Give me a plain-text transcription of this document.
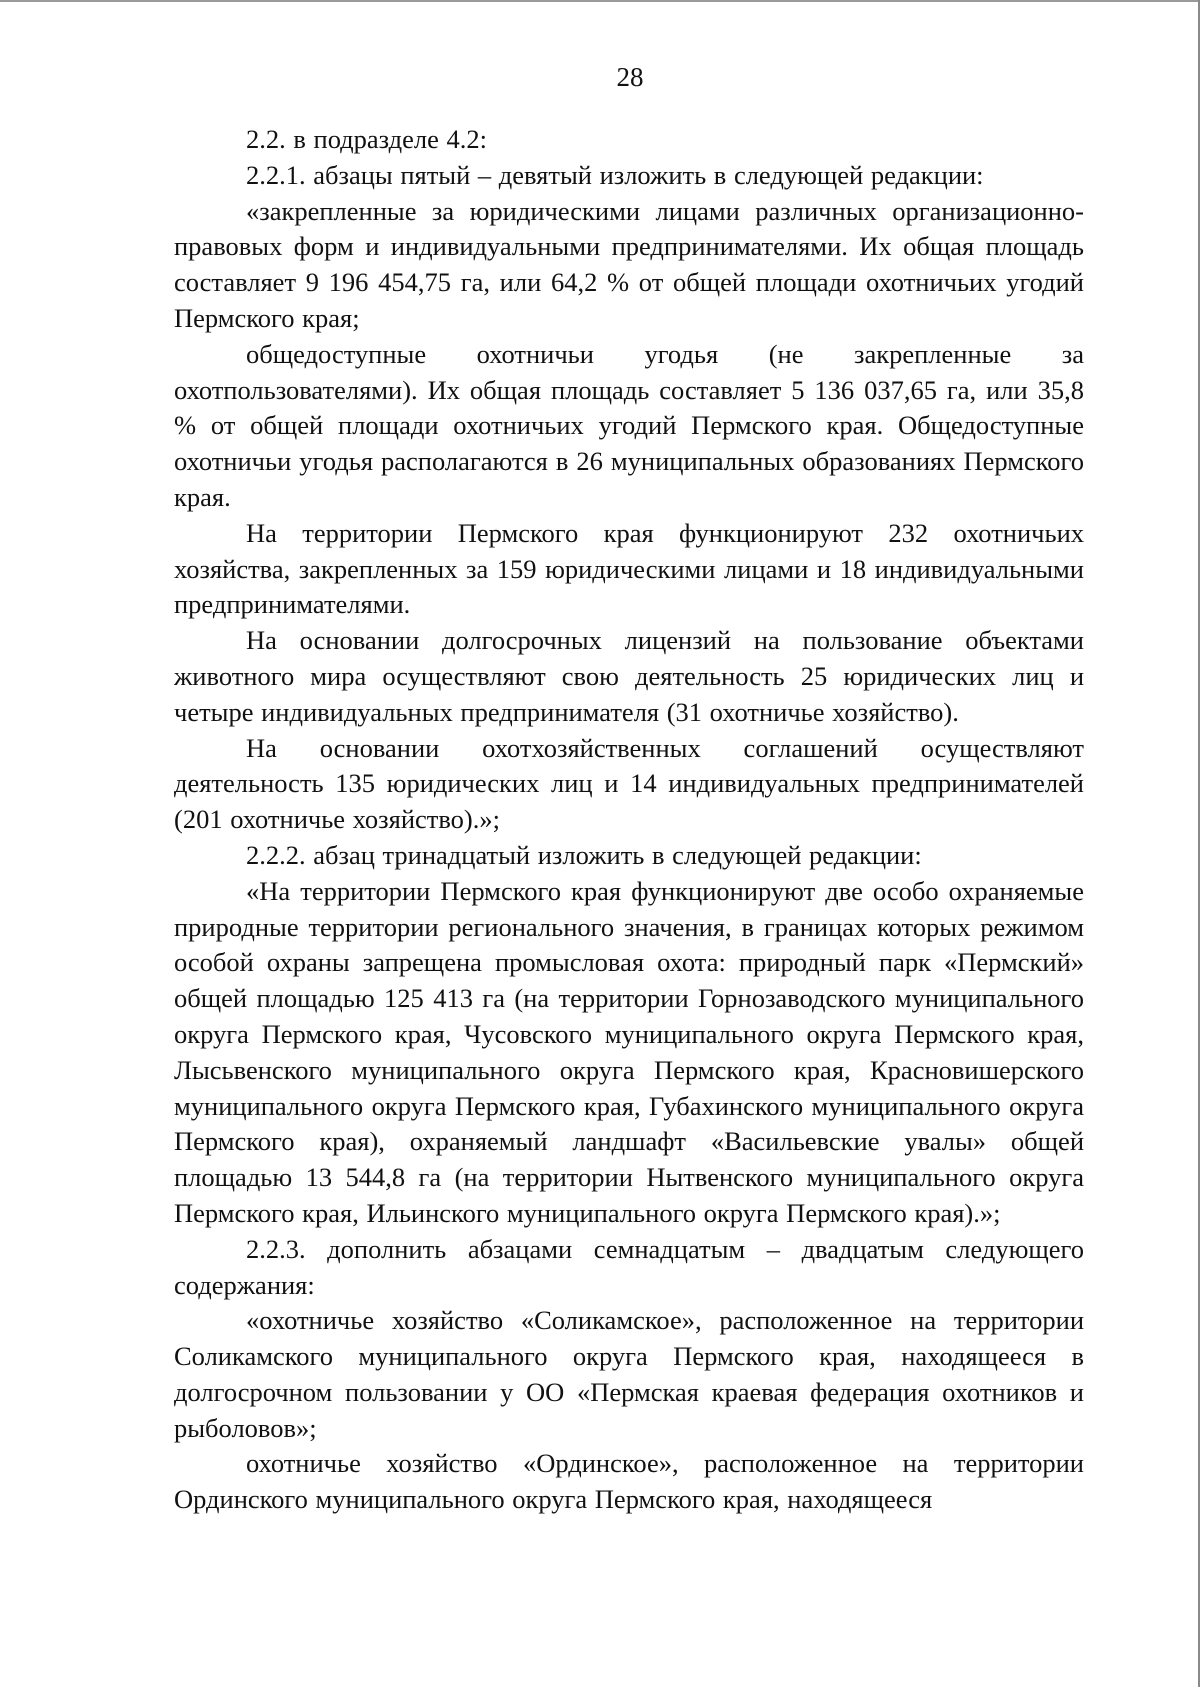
28

2.2. в подразделе 4.2:

2.2.1. абзацы пятый – девятый изложить в следующей редакции:

«закрепленные за юридическими лицами различных организационно-правовых форм и индивидуальными предпринимателями. Их общая площадь составляет 9 196 454,75 га, или 64,2 % от общей площади охотничьих угодий Пермского края;

общедоступные охотничьи угодья (не закрепленные за охотпользователями). Их общая площадь составляет 5 136 037,65 га, или 35,8 % от общей площади охотничьих угодий Пермского края. Общедоступные охотничьи угодья располагаются в 26 муниципальных образованиях Пермского края.

На территории Пермского края функционируют 232 охотничьих хозяйства, закрепленных за 159 юридическими лицами и 18 индивидуальными предпринимателями.

На основании долгосрочных лицензий на пользование объектами животного мира осуществляют свою деятельность 25 юридических лиц и четыре индивидуальных предпринимателя (31 охотничье хозяйство).

На основании охотхозяйственных соглашений осуществляют деятельность 135 юридических лиц и 14 индивидуальных предпринимателей (201 охотничье хозяйство).»;

2.2.2. абзац тринадцатый изложить в следующей редакции:

«На территории Пермского края функционируют две особо охраняемые природные территории регионального значения, в границах которых режимом особой охраны запрещена промысловая охота: природный парк «Пермский» общей площадью 125 413 га (на территории Горнозаводского муниципального округа Пермского края, Чусовского муниципального округа Пермского края, Лысьвенского муниципального округа Пермского края, Красновишерского муниципального округа Пермского края, Губахинского муниципального округа Пермского края), охраняемый ландшафт «Васильевские увалы» общей площадью 13 544,8 га (на территории Нытвенского муниципального округа Пермского края, Ильинского муниципального округа Пермского края).»;

2.2.3. дополнить абзацами семнадцатым – двадцатым следующего содержания:

«охотничье хозяйство «Соликамское», расположенное на территории Соликамского муниципального округа Пермского края, находящееся в долгосрочном пользовании у ОО «Пермская краевая федерация охотников и рыболовов»;

охотничье хозяйство «Ординское», расположенное на территории Ординского муниципального округа Пермского края, находящееся
